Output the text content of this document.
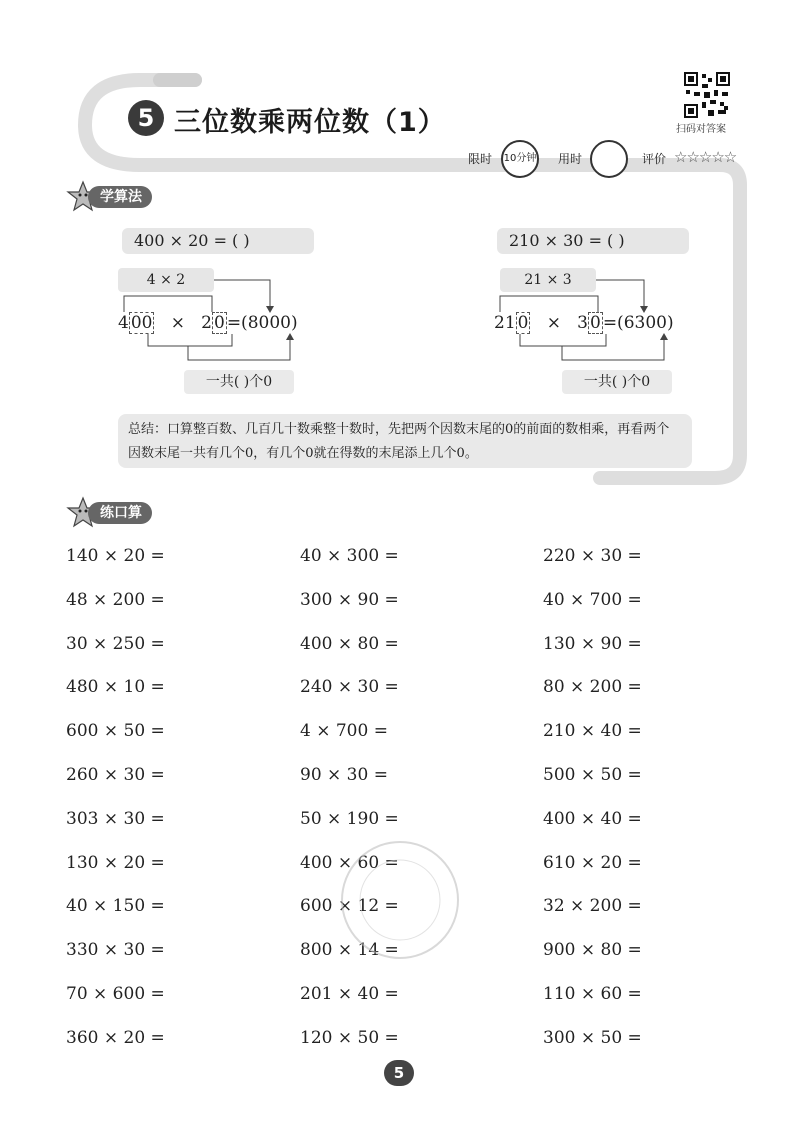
5 三位数乘两位数（1）	扫码对答案
限时 10分钟 用时	评价 ☆☆☆☆☆
学算法
400 × 20 = ( )
4 × 2
4 00 × 2 0 =(8000)
一共( )个0
210 × 30 = ( )
21 × 3
21 0 × 3 0 =(6300)
一共( )个0
总结：口算整百数、几百几十数乘整十数时，先把两个因数末尾的0的前面的数相乘，再看两个因数末尾一共有几个0，有几个0就在得数的末尾添上几个0。
练口算
140 × 20 =
48 × 200 =
30 × 250 =
480 × 10 =
600 × 50 =
260 × 30 =
303 × 30 =
130 × 20 =
40 × 150 =
330 × 30 =
70 × 600 =
360 × 20 =
40 × 300 =
300 × 90 =
400 × 80 =
240 × 30 =
4 × 700 =
90 × 30 =
50 × 190 =
400 × 60 =
600 × 12 =
800 × 14 =
201 × 40 =
120 × 50 =
220 × 30 =
40 × 700 =
130 × 90 =
80 × 200 =
210 × 40 =
500 × 50 =
400 × 40 =
610 × 20 =
32 × 200 =
900 × 80 =
110 × 60 =
300 × 50 =
5
